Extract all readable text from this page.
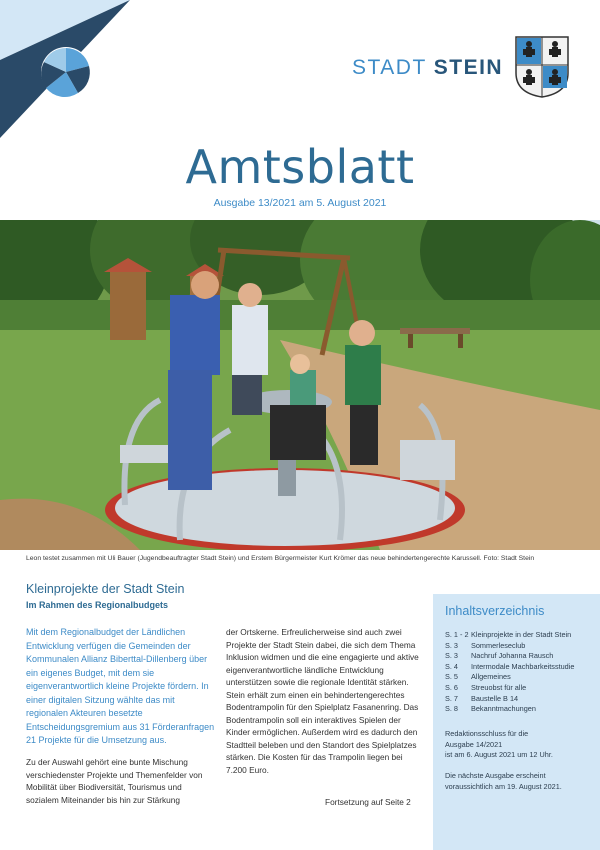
STADT STEIN
Amtsblatt
Ausgabe 13/2021 am 5. August 2021
Leon testet zusammen mit Uli Bauer (Jugendbeauftragter Stadt Stein) und Erstem Bürgermeister Kurt Krömer das neue behindertengerechte Karussell. Foto: Stadt Stein
Kleinprojekte der Stadt Stein
Im Rahmen des Regionalbudgets
Mit dem Regionalbudget der Ländlichen Entwicklung verfügen die Gemeinden der Kommunalen Allianz Biberttal-Dillenberg über ein eigenes Budget, mit dem sie eigenverantwortlich kleine Projekte fördern. In einer digitalen Sitzung wählte das mit regionalen Akteuren besetzte Entscheidungsgremium aus 31 Förderanfragen 21 Projekte für die Umsetzung aus.
Zu der Auswahl gehört eine bunte Mischung verschiedenster Projekte und Themenfelder von Mobilität über Biodiversität, Tourismus und sozialem Miteinander bis hin zur Stärkung
der Ortskerne. Erfreulicherweise sind auch zwei Projekte der Stadt Stein dabei, die sich dem Thema Inklusion widmen und die eine engagierte und aktive eigenverantwortliche ländliche Entwicklung unterstützen sowie die regionale Identität stärken. Stein erhält zum einen ein behindertengerechtes Bodentrampolin für den Spielplatz Fasanenring. Das Bodentrampolin soll ein interaktives Spielen der Kinder ermöglichen. Außerdem wird es dadurch den Stadtteil beleben und den Standort des Spielplatzes stärken. Die Kosten für das Trampolin liegen bei 7.200 Euro.
Fortsetzung auf Seite 2
Inhaltsverzeichnis
S. 1 - 2 Kleinprojekte in der Stadt Stein
S. 3	Sommerleseclub
S. 3	Nachruf Johanna Rausch
S. 4	Intermodale Machbarkeitsstudie
S. 5	Allgemeines
S. 6	Streuobst für alle
S. 7	Baustelle B 14
S. 8	Bekanntmachungen
Redaktionsschluss für die
Ausgabe 14/2021
ist am 6. August 2021 um 12 Uhr.
Die nächste Ausgabe erscheint
voraussichtlich am 19. August 2021.
